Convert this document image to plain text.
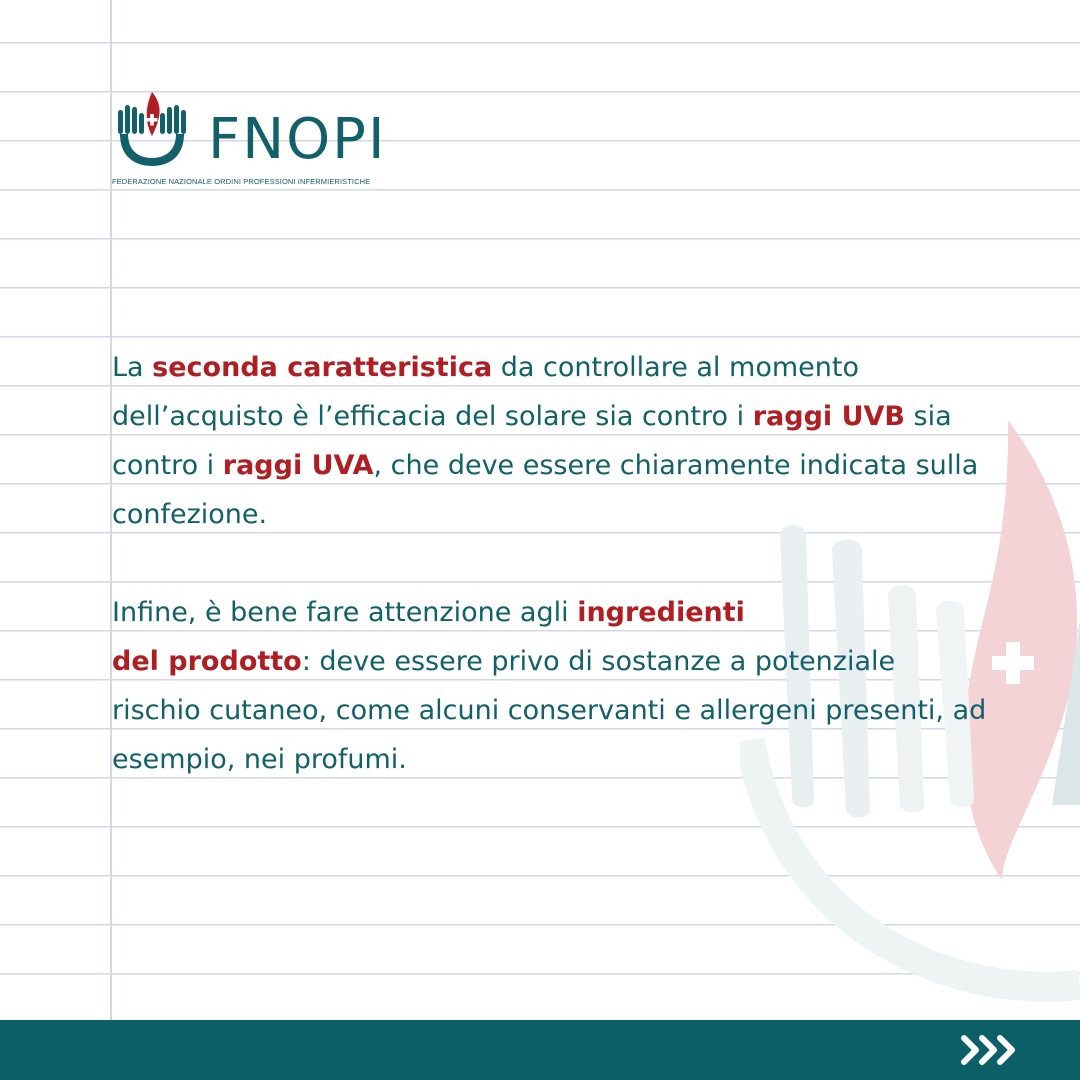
FNOPI
FEDERAZIONE NAZIONALE ORDINI PROFESSIONI INFERMIERISTICHE

La seconda caratteristica da controllare al momento dell’acquisto è l’efficacia del solare sia contro i raggi UVB sia contro i raggi UVA, che deve essere chiaramente indicata sulla confezione.

Infine, è bene fare attenzione agli ingredienti
del prodotto: deve essere privo di sostanze a potenziale rischio cutaneo, come alcuni conservanti e allergeni presenti, ad esempio, nei profumi.
